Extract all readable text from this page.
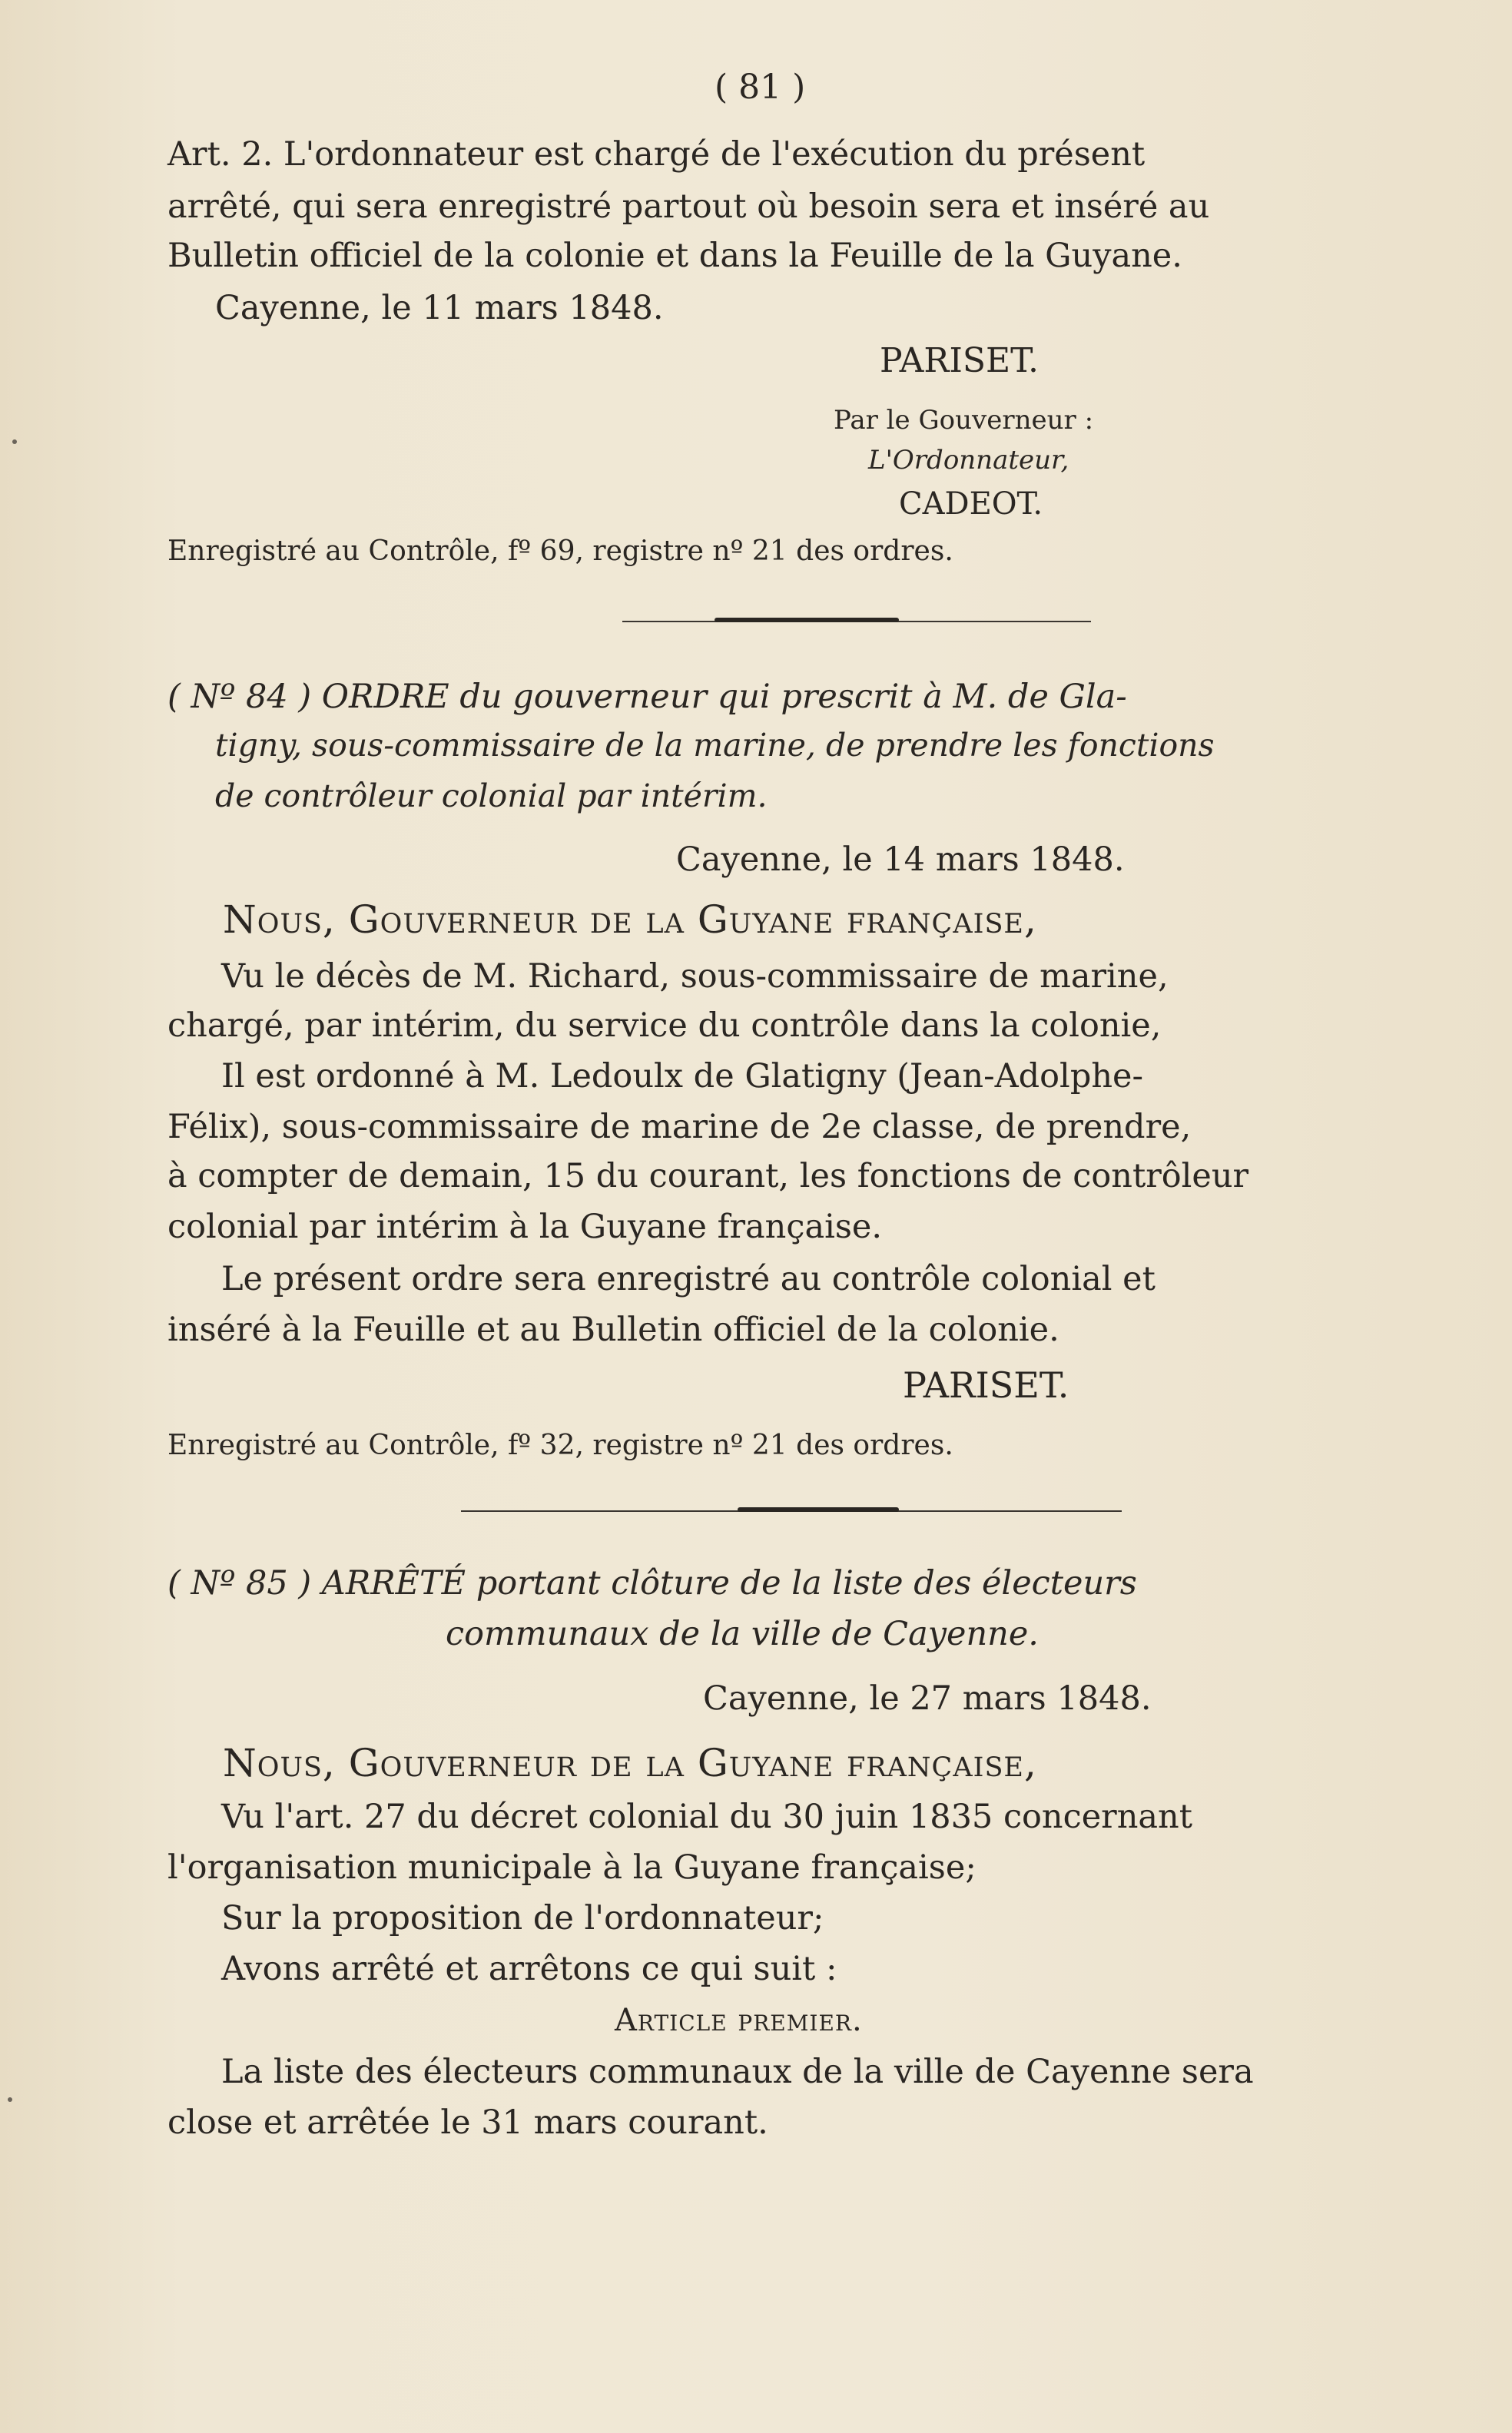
( 81 )
Art. 2. L'ordonnateur est chargé de l'exécution du présent
arrêté, qui sera enregistré partout où besoin sera et inséré au
Bulletin officiel de la colonie et dans la Feuille de la Guyane.
Cayenne, le 11 mars 1848.
PARISET.
Par le Gouverneur :
L'Ordonnateur,
CADEOT.
Enregistré au Contrôle, fº 69, registre nº 21 des ordres.
( Nº 84 ) ORDRE du gouverneur qui prescrit à M. de Gla-
tigny, sous-commissaire de la marine, de prendre les fonctions
de contrôleur colonial par intérim.
Cayenne, le 14 mars 1848.
Nous, Gouverneur de la Guyane française,
Vu le décès de M. Richard, sous-commissaire de marine,
chargé, par intérim, du service du contrôle dans la colonie,
Il est ordonné à M. Ledoulx de Glatigny (Jean-Adolphe-
Félix), sous-commissaire de marine de 2e classe, de prendre,
à compter de demain, 15 du courant, les fonctions de contrôleur
colonial par intérim à la Guyane française.
Le présent ordre sera enregistré au contrôle colonial et
inséré à la Feuille et au Bulletin officiel de la colonie.
PARISET.
Enregistré au Contrôle, fº 32, registre nº 21 des ordres.
( Nº 85 ) ARRÊTÉ portant clôture de la liste des électeurs
communaux de la ville de Cayenne.
Cayenne, le 27 mars 1848.
Nous, Gouverneur de la Guyane française,
Vu l'art. 27 du décret colonial du 30 juin 1835 concernant
l'organisation municipale à la Guyane française;
Sur la proposition de l'ordonnateur;
Avons arrêté et arrêtons ce qui suit :
Article premier.
La liste des électeurs communaux de la ville de Cayenne sera
close et arrêtée le 31 mars courant.
